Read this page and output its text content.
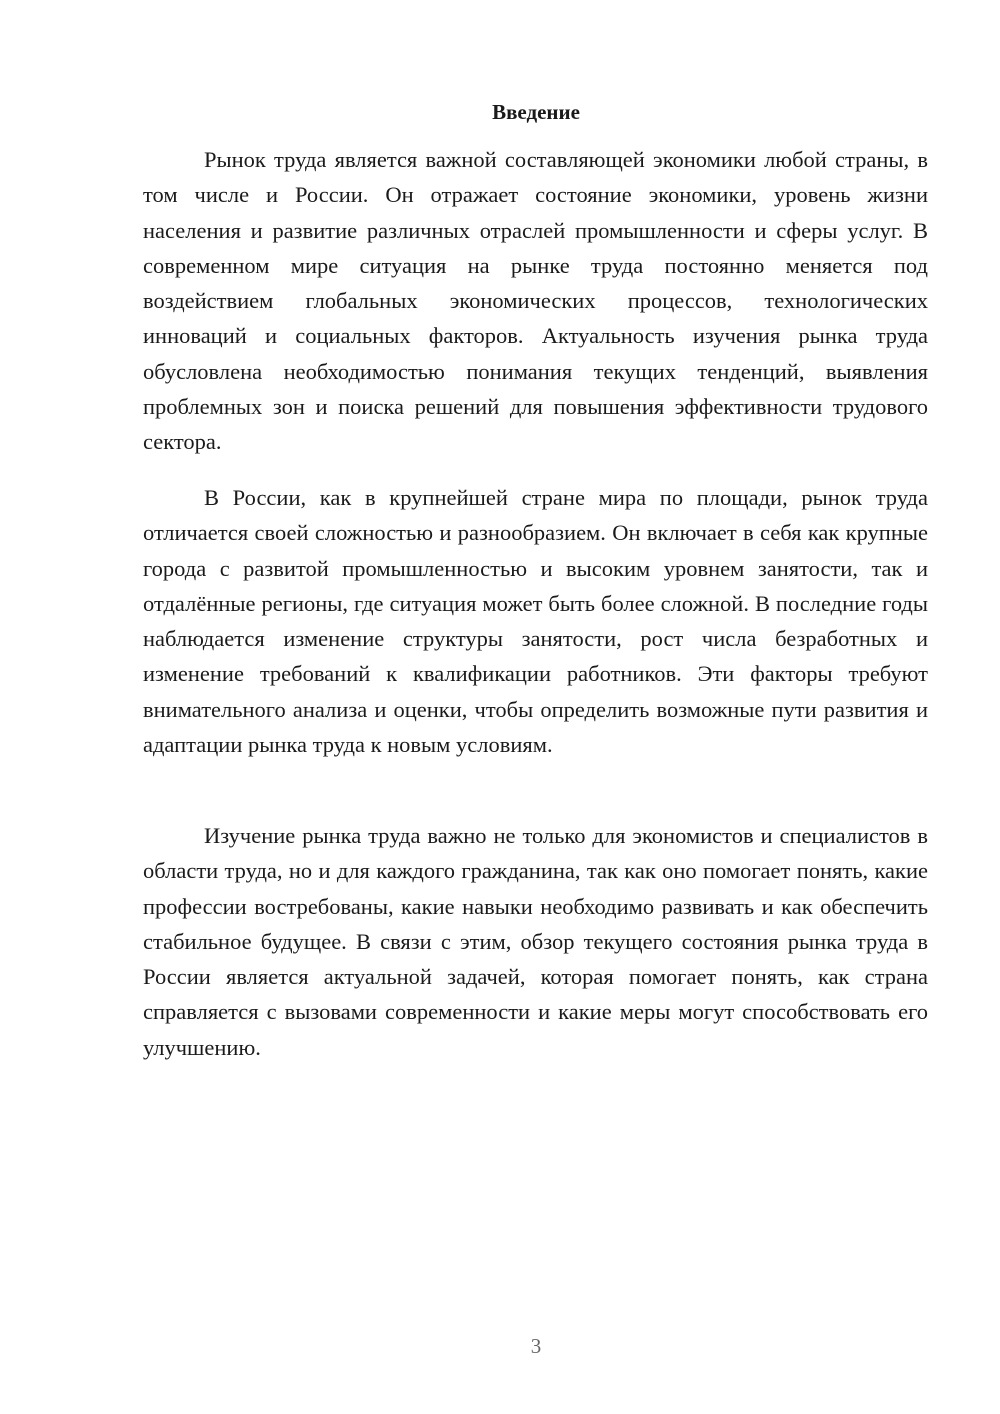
Введение

Рынок труда является важной составляющей экономики любой страны, в том числе и России. Он отражает состояние экономики, уровень жизни населения и развитие различных отраслей промышленности и сферы услуг. В современном мире ситуация на рынке труда постоянно меняется под воздействием глобальных экономических процессов, технологических инноваций и социальных факторов. Актуальность изучения рынка труда обусловлена необходимостью понимания текущих тенденций, выявления проблемных зон и поиска решений для повышения эффективности трудового сектора.

В России, как в крупнейшей стране мира по площади, рынок труда отличается своей сложностью и разнообразием. Он включает в себя как крупные города с развитой промышленностью и высоким уровнем занятости, так и отдалённые регионы, где ситуация может быть более сложной. В последние годы наблюдается изменение структуры занятости, рост числа безработных и изменение требований к квалификации работников. Эти факторы требуют внимательного анализа и оценки, чтобы определить возможные пути развития и адаптации рынка труда к новым условиям.

Изучение рынка труда важно не только для экономистов и специалистов в области труда, но и для каждого гражданина, так как оно помогает понять, какие профессии востребованы, какие навыки необходимо развивать и как обеспечить стабильное будущее. В связи с этим, обзор текущего состояния рынка труда в России является актуальной задачей, которая помогает понять, как страна справляется с вызовами современности и какие меры могут способствовать его улучшению.

3
